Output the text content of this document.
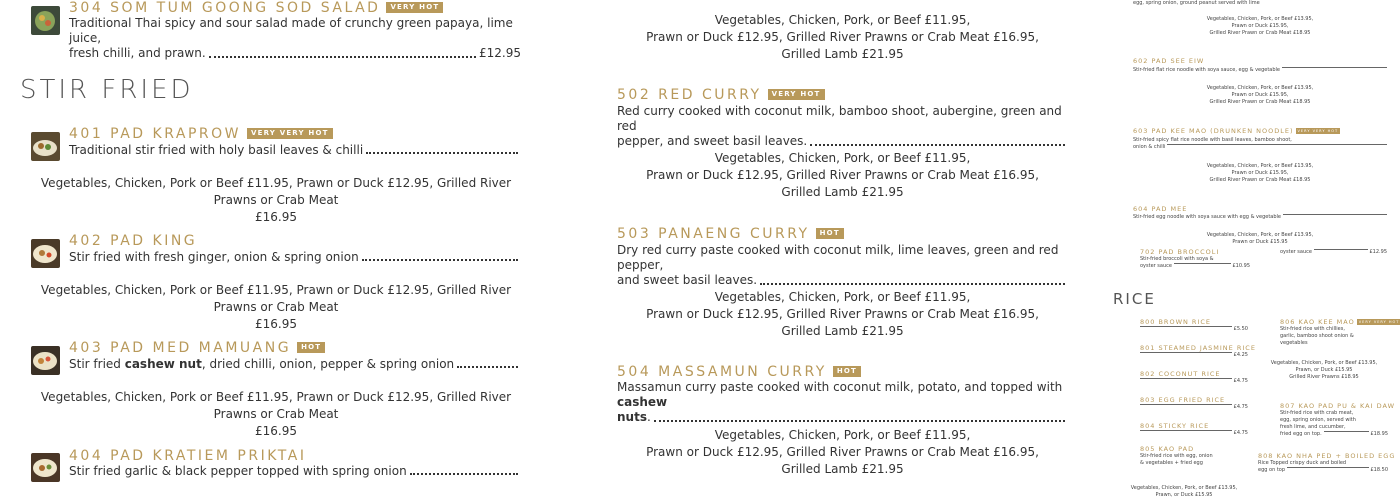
304 SOM TUM GOONG SOD SALAD VERY HOT
Traditional Thai spicy and sour salad made of crunchy green papaya, lime juice,
fresh chilli, and prawn.	£12.95
STIR FRIED
401 PAD KRAPROW VERY VERY HOT
Traditional stir fried with holy basil leaves & chilli
Vegetables, Chicken, Pork or Beef £11.95, Prawn or Duck £12.95, Grilled River Prawns or Crab Meat
£16.95
402 PAD KING
Stir fried with fresh ginger, onion & spring onion
Vegetables, Chicken, Pork or Beef £11.95, Prawn or Duck £12.95, Grilled River Prawns or Crab Meat
£16.95
403 PAD MED MAMUANG HOT
Stir fried cashew nut, dried chilli, onion, pepper & spring onion
Vegetables, Chicken, Pork or Beef £11.95, Prawn or Duck £12.95, Grilled River Prawns or Crab Meat
£16.95
404 PAD KRATIEM PRIKTAI
Stir fried garlic & black pepper topped with spring onion
Vegetables, Chicken, Pork, or Beef £11.95,
Prawn or Duck £12.95, Grilled River Prawns or Crab Meat £16.95,
Grilled Lamb £21.95
502 RED CURRY VERY HOT
Red curry cooked with coconut milk, bamboo shoot, aubergine, green and red
pepper, and sweet basil leaves.
Vegetables, Chicken, Pork, or Beef £11.95,
Prawn or Duck £12.95, Grilled River Prawns or Crab Meat £16.95,
Grilled Lamb £21.95
503 PANAENG CURRY HOT
Dry red curry paste cooked with coconut milk, lime leaves, green and red pepper,
and sweet basil leaves.
Vegetables, Chicken, Pork, or Beef £11.95,
Prawn or Duck £12.95, Grilled River Prawns or Crab Meat £16.95,
Grilled Lamb £21.95
504 MASSAMUN CURRY HOT
Massamun curry paste cooked with coconut milk, potato, and topped with cashew
nuts.
Vegetables, Chicken, Pork, or Beef £11.95,
Prawn or Duck £12.95, Grilled River Prawns or Crab Meat £16.95,
Grilled Lamb £21.95
egg, spring onion, ground peanut served with lime
Vegetables, Chicken, Pork, or Beef £13.95,
Prawn or Duck £15.95,
Grilled River Prawn or Crab Meat £18.95
602 PAD SEE EIW
Stir-fried flat rice noodle with soya sauce, egg & vegetable
Vegetables, Chicken, Pork, or Beef £13.95,
Prawn or Duck £15.95,
Grilled River Prawn or Crab Meat £18.95
603 PAD KEE MAO (DRUNKEN NOODLE) VERY VERY HOT
Stir-fried spicy flat rice noodle with basil leaves, bamboo shoot,
onion & chilli
Vegetables, Chicken, Pork, or Beef £13.95,
Prawn or Duck £15.95,
Grilled River Prawn or Crab Meat £18.95
604 PAD MEE
Stir-fried egg noodle with soya sauce with egg & vegetable
Vegetables, Chicken, Pork, or Beef £13.95,
Prawn or Duck £15.95
702 PAD BROCCOLI
Stir-fried broccoli with soya &
oyster sauce	£10.95
oyster sauce	£12.95
RICE
800 BROWN RICE
£5.50
801 STEAMED JASMINE RICE
£4.25
802 COCONUT RICE
£4.75
803 EGG FRIED RICE
£4.75
804 STICKY RICE
£4.75
805 KAO PAD
Stir-fried rice with egg, onion
& vegetables + fried egg
Vegetables, Chicken, Pork, or Beef £13.95,
Prawn, or Duck £15.95
806 KAO KEE MAO VERY VERY HOT
Stir-fried rice with chillies,
garlic, bamboo shoot onion &
vegetables
Vegetables, Chicken, Pork, or Beef £13.95,
Prawn, or Duck £15.95
Grilled River Prawns £18.95
807 KAO PAD PU & KAI DAW
Stir-fried rice with crab meat,
egg, spring onion, served with
fresh lime, and cucumber,
fried egg on top.	£18.95
808 KAO NHA PED + BOILED EGG
Rice Topped crispy duck and boiled
egg on top	£18.50
